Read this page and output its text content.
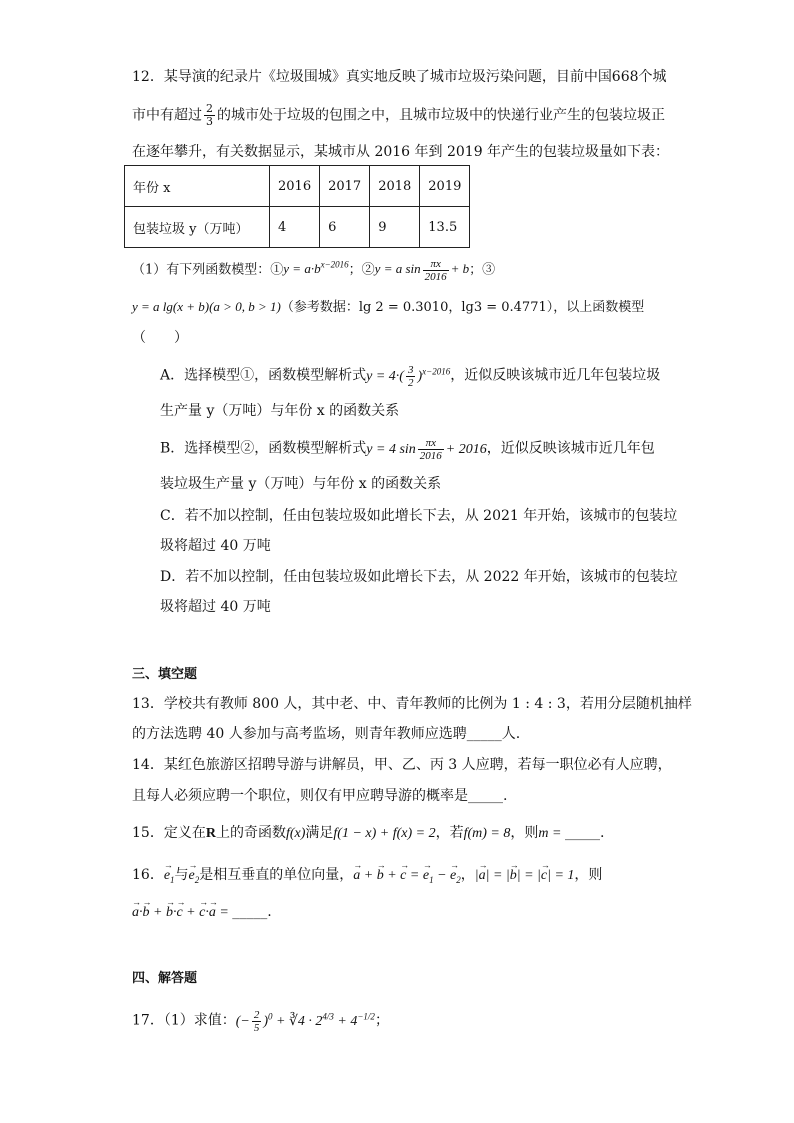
12．某导演的纪录片《垃圾围城》真实地反映了城市垃圾污染问题，目前中国668个城
市中有超过 $\frac{2}{3}$ 的城市处于垃圾的包围之中，且城市垃圾中的快递行业产生的包装垃圾正
在逐年攀升，有关数据显示，某城市从 2016 年到 2019 年产生的包装垃圾量如下表：
年份 x	2016	2017	2018	2019
包装垃圾 y（万吨）	4	6	9	13.5
（1）有下列函数模型：①y = $a\cdot b^{x-2016}$；②y = a $\sin \frac{\pi x}{2016} + b$；③
y = a lg(x + b)(a > 0, b > 1)（参考数据：lg 2 = 0.3010，lg3 = 0.4771），以上函数模型
（　　）
A．选择模型①，函数模型解析式$y = 4\cdot( \frac{3}{2} )^{x-2016}$，近似反映该城市近几年包装垃圾
生产量 y（万吨）与年份 x 的函数关系
B．选择模型②，函数模型解析式y = 4 $\sin \frac{\pi x}{2016} + 2016$，近似反映该城市近几年包
装垃圾生产量 y（万吨）与年份 x 的函数关系
C．若不加以控制，任由包装垃圾如此增长下去，从 2021 年开始，该城市的包装垃
圾将超过 40 万吨
D．若不加以控制，任由包装垃圾如此增长下去，从 2022 年开始，该城市的包装垃
圾将超过 40 万吨
三、填空题
13．学校共有教师 800 人，其中老、中、青年教师的比例为 1 : 4 : 3，若用分层随机抽样
的方法选聘 40 人参加与高考监场，则青年教师应选聘_____人.
14．某红色旅游区招聘导游与讲解员，甲、乙、丙 3 人应聘，若每一职位必有人应聘，
且每人必须应聘一个职位，则仅有甲应聘导游的概率是_____.
15．定义在R上的奇函数f(x)满足f(1 − x) + f(x) = 2，若f(m) = 8，则m = _____.
16．→ $e_1$与→ $e_2$是相互垂直的单位向量，→ a + → b + → c = → $e_1$ − → $e_2$，|→ a| = |→ b| = |→ c| = 1，则
→ a·→ b + → b·→ c + → c·→ a = _____.
四、解答题
17．（1）求值：(− $\frac{2}{5} )^0$ + ∛4 · $2^{4/3} + 4^{-1/2}$；
